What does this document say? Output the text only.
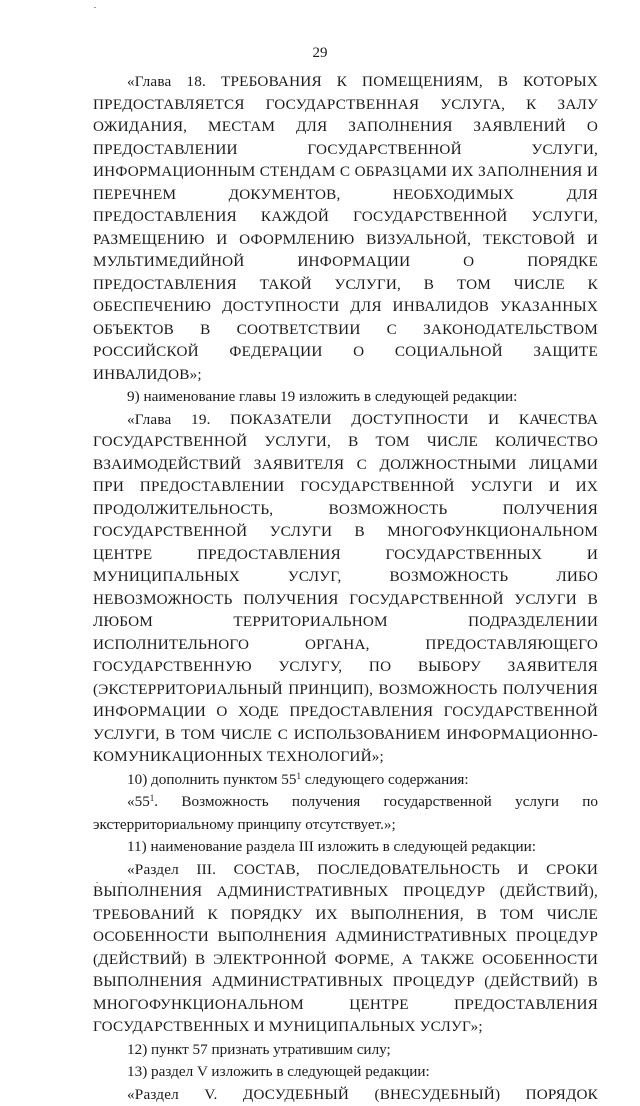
29

«Глава 18. ТРЕБОВАНИЯ К ПОМЕЩЕНИЯМ, В КОТОРЫХ ПРЕДОСТАВЛЯЕТСЯ ГОСУДАРСТВЕННАЯ УСЛУГА, К ЗАЛУ ОЖИДАНИЯ, МЕСТАМ ДЛЯ ЗАПОЛНЕНИЯ ЗАЯВЛЕНИЙ О ПРЕДОСТАВЛЕНИИ ГОСУДАРСТВЕННОЙ УСЛУГИ, ИНФОРМАЦИОННЫМ СТЕНДАМ С ОБРАЗЦАМИ ИХ ЗАПОЛНЕНИЯ И ПЕРЕЧНЕМ ДОКУМЕНТОВ, НЕОБХОДИМЫХ ДЛЯ ПРЕДОСТАВЛЕНИЯ КАЖДОЙ ГОСУДАРСТВЕННОЙ УСЛУГИ, РАЗМЕЩЕНИЮ И ОФОРМЛЕНИЮ ВИЗУАЛЬНОЙ, ТЕКСТОВОЙ И МУЛЬТИМЕДИЙНОЙ ИНФОРМАЦИИ О ПОРЯДКЕ ПРЕДОСТАВЛЕНИЯ ТАКОЙ УСЛУГИ, В ТОМ ЧИСЛЕ К ОБЕСПЕЧЕНИЮ ДОСТУПНОСТИ ДЛЯ ИНВАЛИДОВ УКАЗАННЫХ ОБЪЕКТОВ В СООТВЕТСТВИИ С ЗАКОНОДАТЕЛЬСТВОМ РОССИЙСКОЙ ФЕДЕРАЦИИ О СОЦИАЛЬНОЙ ЗАЩИТЕ ИНВАЛИДОВ»;

9) наименование главы 19 изложить в следующей редакции:

«Глава 19. ПОКАЗАТЕЛИ ДОСТУПНОСТИ И КАЧЕСТВА ГОСУДАРСТВЕННОЙ УСЛУГИ, В ТОМ ЧИСЛЕ КОЛИЧЕСТВО ВЗАИМОДЕЙСТВИЙ ЗАЯВИТЕЛЯ С ДОЛЖНОСТНЫМИ ЛИЦАМИ ПРИ ПРЕДОСТАВЛЕНИИ ГОСУДАРСТВЕННОЙ УСЛУГИ И ИХ ПРОДОЛЖИТЕЛЬНОСТЬ, ВОЗМОЖНОСТЬ ПОЛУЧЕНИЯ ГОСУДАРСТВЕННОЙ УСЛУГИ В МНОГОФУНКЦИОНАЛЬНОМ ЦЕНТРЕ ПРЕДОСТАВЛЕНИЯ ГОСУДАРСТВЕННЫХ И МУНИЦИПАЛЬНЫХ УСЛУГ, ВОЗМОЖНОСТЬ ЛИБО НЕВОЗМОЖНОСТЬ ПОЛУЧЕНИЯ ГОСУДАРСТВЕННОЙ УСЛУГИ В ЛЮБОМ ТЕРРИТОРИАЛЬНОМ ПОДРАЗДЕЛЕНИИ ИСПОЛНИТЕЛЬНОГО ОРГАНА, ПРЕДОСТАВЛЯЮЩЕГО ГОСУДАРСТВЕННУЮ УСЛУГУ, ПО ВЫБОРУ ЗАЯВИТЕЛЯ (ЭКСТЕРРИТОРИАЛЬНЫЙ ПРИНЦИП), ВОЗМОЖНОСТЬ ПОЛУЧЕНИЯ ИНФОРМАЦИИ О ХОДЕ ПРЕДОСТАВЛЕНИЯ ГОСУДАРСТВЕННОЙ УСЛУГИ, В ТОМ ЧИСЛЕ С ИСПОЛЬЗОВАНИЕМ ИНФОРМАЦИОННО-КОМУНИКАЦИОННЫХ ТЕХНОЛОГИЙ»;

10) дополнить пунктом $55^1$ следующего содержания:

«$55^1$. Возможность получения государственной услуги по экстерриториальному принципу отсутствует.»;

11) наименование раздела III изложить в следующей редакции:

«Раздел III. СОСТАВ, ПОСЛЕДОВАТЕЛЬНОСТЬ И СРОКИ ВЫПОЛНЕНИЯ АДМИНИСТРАТИВНЫХ ПРОЦЕДУР (ДЕЙСТВИЙ), ТРЕБОВАНИЙ К ПОРЯДКУ ИХ ВЫПОЛНЕНИЯ, В ТОМ ЧИСЛЕ ОСОБЕННОСТИ ВЫПОЛНЕНИЯ АДМИНИСТРАТИВНЫХ ПРОЦЕДУР (ДЕЙСТВИЙ) В ЭЛЕКТРОННОЙ ФОРМЕ, А ТАКЖЕ ОСОБЕННОСТИ ВЫПОЛНЕНИЯ АДМИНИСТРАТИВНЫХ ПРОЦЕДУР (ДЕЙСТВИЙ) В МНОГОФУНКЦИОНАЛЬНОМ ЦЕНТРЕ ПРЕДОСТАВЛЕНИЯ ГОСУДАРСТВЕННЫХ И МУНИЦИПАЛЬНЫХ УСЛУГ»;

12) пункт 57 признать утратившим силу;

13) раздел V изложить в следующей редакции:

«Раздел V. ДОСУДЕБНЫЙ (ВНЕСУДЕБНЫЙ) ПОРЯДОК
